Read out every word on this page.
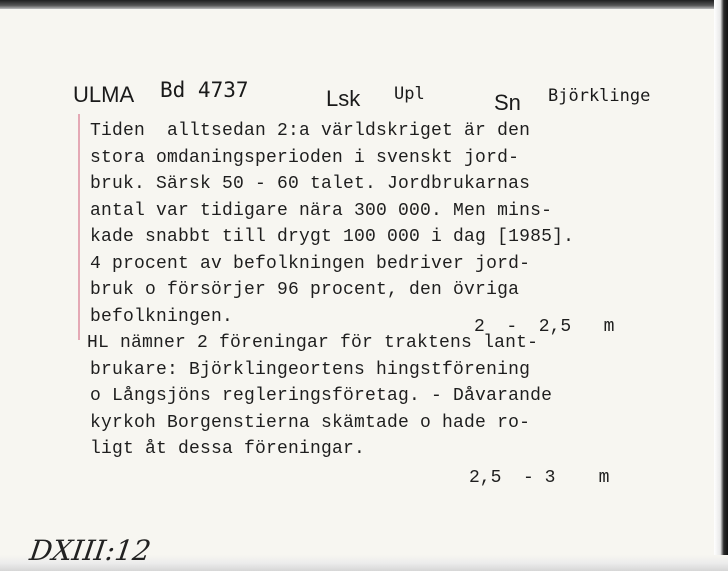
ULMA Bd 4737	Lsk Upl	Sn Björklinge
Tiden  alltsedan 2:a världskriget är den
stora omdaningsperioden i svenskt jord-
bruk. Särsk 50 - 60 talet. Jordbrukarnas
antal var tidigare nära 300 000. Men mins-
kade snabbt till drygt 100 000 i dag [1985].
4 procent av befolkningen bedriver jord-
bruk o försörjer 96 procent, den övriga
befolkningen.
HL nämner 2 föreningar för traktens lant-
brukare: Björklingeortens hingstförening
o Långsjöns regleringsföretag. - Dåvarande
kyrkoh Borgenstierna skämtade o hade ro-
ligt åt dessa föreningar.
2  -  2,5   m
2,5  - 3    m
DXIII:12
